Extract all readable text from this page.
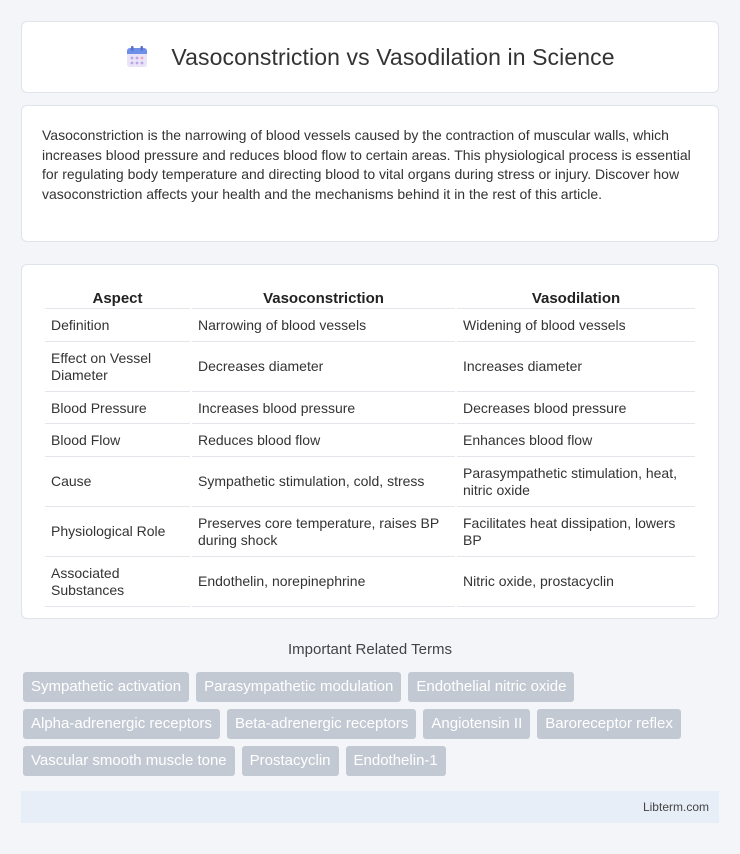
Vasoconstriction vs Vasodilation in Science

Vasoconstriction is the narrowing of blood vessels caused by the contraction of muscular walls, which increases blood pressure and reduces blood flow to certain areas. This physiological process is essential for regulating body temperature and directing blood to vital organs during stress or injury. Discover how vasoconstriction affects your health and the mechanisms behind it in the rest of this article.

Aspect	Vasoconstriction	Vasodilation
Definition	Narrowing of blood vessels	Widening of blood vessels
Effect on Vessel Diameter	Decreases diameter	Increases diameter
Blood Pressure	Increases blood pressure	Decreases blood pressure
Blood Flow	Reduces blood flow	Enhances blood flow
Cause	Sympathetic stimulation, cold, stress	Parasympathetic stimulation, heat, nitric oxide
Physiological Role	Preserves core temperature, raises BP during shock	Facilitates heat dissipation, lowers BP
Associated Substances	Endothelin, norepinephrine	Nitric oxide, prostacyclin
Important Related Terms
Sympathetic activation	Parasympathetic modulation	Endothelial nitric oxide
Alpha-adrenergic receptors	Beta-adrenergic receptors	Angiotensin II	Baroreceptor reflex
Vascular smooth muscle tone	Prostacyclin	Endothelin-1
Libterm.com
